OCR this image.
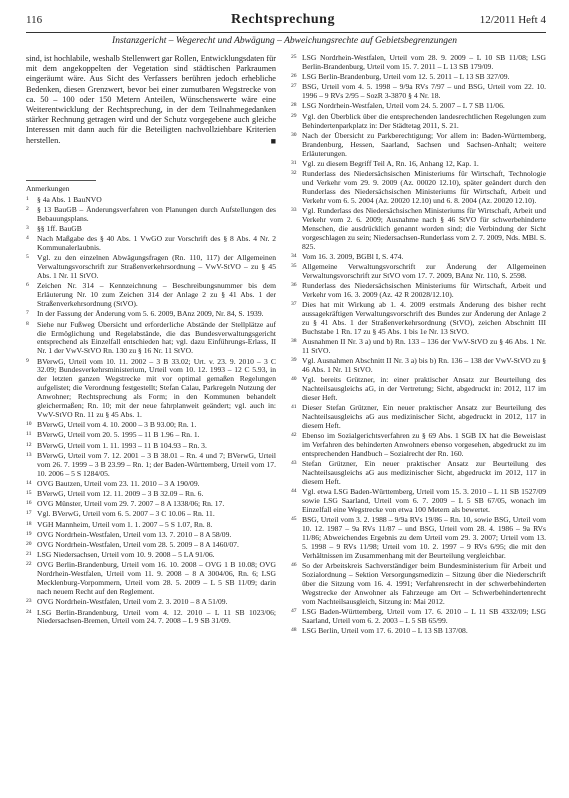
116	Rechtsprechung	12/2011 Heft 4
Instanzgericht – Wegerecht und Abwägung – Abweichungsrechte auf Gebietsbegrenzungen

sind, ist hochlabile, weshalb Stellenwert gar Rollen, Entwicklungsdaten für mit dem angekoppelten der Vegetation sind städtischen Parkraumen eingeräumt wäre. Aus Sicht des Verfassers berühren jedoch erhebliche Bedenken, diesen Grenzwert, bevor bei einer zumutbaren Wegstrecke von ca. 50 – 100 oder 150 Metern Anteilen, Wünschenswerte wäre eine Weiterentwicklung der Rechtsprechung, in der dem Teilnahmegedanken stärker Rechnung getragen wird und der Schutz vorgegebene auch gleiche Interessen mit dann auch für die Beteiligten nachvollziehbare Kriterien herstellen.	■

Anmerkungen
1 § 4a Abs. 1 BauNVO
2 § 13 BauGB – Änderungsverfahren von Planungen durch Aufstellungen des Bebauungsplans.
3 §§ 1ff. BauGB
4 Nach Maßgabe des § 40 Abs. 1 VwGO zur Vorschrift des § 8 Abs. 4 Nr. 2 Kommunalerlaubnis.
5 Vgl. zu den einzelnen Abwägungsfragen (Rn. 110, 117) der Allgemeinen Verwaltungsvorschrift zur Straßenverkehrsordnung – VwV-StVO – zu § 45 Abs. 1 Nr. 11 StVO.
6 Zeichen Nr. 314 – Kennzeichnung – Beschreibungsnummer bis dem Erläuterung Nr. 10 zum Zeichen 314 der Anlage 2 zu § 41 Abs. 1 der Straßenverkehrsordnung (StVO).
7 In der Fassung der Änderung vom 5. 6. 2009, BAnz 2009, Nr. 84, S. 1939.
8 Siehe nur Fußweg Übersicht und erforderliche Abstände der Stellplätze auf die Ermöglichung und Regelabstände, die das Bundesverwaltungsgericht entsprechend als Einzelfall entschieden hat; vgl. dazu Einführungs-Erlass, II Nr. 1 der VwV-StVO Rn. 130 zu § 16 Nr. 11 StVO.
9 BVerwG, Urteil vom 10. 11. 2002 – 3 B 33.02; Urt. v. 23. 9. 2010 – 3 C 32.09; Bundesverkehrsministerium, Urteil vom 10. 12. 1993 – 12 C 5.93, in der letzten ganzen Wegstrecke mit vor optimal gemaßen Regelungen aufgelistet; die Verordnung festgestellt; Stefan Calau, Parkregeln Nutzung der Anwohner; Rechtsprechung als Form; in den Kommunen behandelt gleichermaßen; Rn. 10; mit der neue fahrplanweit geändert; vgl. auch in: VwV-StVO Rn. 11 zu § 45 Abs. 1.
10 BVerwG, Urteil vom 4. 10. 2000 – 3 B 93.00; Rn. 1.
11 BVerwG, Urteil vom 20. 5. 1995 – 11 B 1.96 – Rn. 1.
12 BVerwG, Urteil vom 1. 11. 1993 – 11 B 104.93 – Rn. 3.
13 BVerwG, Urteil vom 7. 12. 2001 – 3 B 38.01 – Rn. 4 und 7; BVerwG, Urteil vom 26. 7. 1999 – 3 B 23.99 – Rn. 1; der Baden-Württemberg, Urteil vom 17. 10. 2006 – 5 S 1284/05.
14 OVG Bautzen, Urteil vom 23. 11. 2010 – 3 A 190/09.
15 BVerwG, Urteil vom 12. 11. 2009 – 3 B 32.09 – Rn. 6.
16 OVG Münster, Urteil vom 29. 7. 2007 – 8 A 1338/06; Rn. 17.
17 Vgl. BVerwG, Urteil vom 6. 5. 2007 – 3 C 10.06 – Rn. 11.
18 VGH Mannheim, Urteil vom 1. 1. 2007 – 5 S 1.07, Rn. 8.
19 OVG Nordrhein-Westfalen, Urteil vom 13. 7. 2010 – 8 A 58/09.
20 OVG Nordrhein-Westfalen, Urteil vom 28. 5. 2009 – 8 A 1460/07.
21 LSG Niedersachsen, Urteil vom 10. 9. 2008 – 5 LA 91/06.
22 OVG Berlin-Brandenburg, Urteil vom 16. 10. 2008 – OVG 1 B 10.08; OVG Nordrhein-Westfalen, Urteil vom 11. 9. 2008 – 8 A 3004/06, Rn. 6; LSG Mecklenburg-Vorpommern, Urteil vom 28. 5. 2009 – L 5 SB 11/09; darin nach neuem Recht auf den Reglement.
23 OVG Nordrhein-Westfalen, Urteil vom 2. 3. 2010 – 8 A 51/09.
24 LSG Berlin-Brandenburg, Urteil vom 4. 12. 2010 – L 11 SB 1023/06; Niedersachsen-Bremen, Urteil vom 24. 7. 2008 – L 9 SB 31/09.
25 LSG Nordrhein-Westfalen, Urteil vom 28. 9. 2009 – L 10 SB 11/08; LSG Berlin-Brandenburg, Urteil vom 15. 7. 2011 – L 13 SB 179/09.
26 LSG Berlin-Brandenburg, Urteil vom 12. 5. 2011 – L 13 SB 327/09.
27 BSG, Urteil vom 4. 5. 1998 – 9/9a RVs 7/97 – und BSG, Urteil vom 22. 10. 1996 – 9 RVs 2/95 – SozR 3-3870 § 4 Nr. 18.
28 LSG Nordrhein-Westfalen, Urteil vom 24. 5. 2007 – L 7 SB 11/06.
29 Vgl. den Überblick über die entsprechenden landesrechtlichen Regelungen zum Behindertenparkplatz in: Der Städtetag 2011, S. 21.
30 Nach der Übersicht zu Parkberechtigung; Vor allem in: Baden-Württemberg, Brandenburg, Hessen, Saarland, Sachsen und Sachsen-Anhalt; weitere Erläuterungen.
31 Vgl. zu diesem Begriff Teil A, Rn. 16, Anhang 12, Kap. 1.
32 Runderlass des Niedersächsischen Ministeriums für Wirtschaft, Technologie und Verkehr vom 29. 9. 2009 (Az. 00020 12.10), später geändert durch den Runderlass des Niedersächsischen Ministeriums für Wirtschaft, Arbeit und Verkehr vom 6. 5. 2004 (Az. 20020 12.10) und 6. 8. 2004 (Az. 20020 12.10).
33 Vgl. Runderlass des Niedersächsischen Ministeriums für Wirtschaft, Arbeit und Verkehr vom 2. 6. 2009; Ausnahme nach § 46 StVO für schwerbehinderte Menschen, die ausdrücklich genannt worden sind; die Verbindung der Sicht vorgeschlagen zu sein; Niedersachsen-Runderlass vom 2. 7. 2009, Nds. MBl. S. 825.
34 Vom 16. 3. 2009, BGBl I, S. 474.
35 Allgemeine Verwaltungsvorschrift zur Änderung der Allgemeinen Verwaltungsvorschrift zur StVO vom 17. 7. 2009, BAnz Nr. 110, S. 2598.
36 Runderlass des Niedersächsischen Ministeriums für Wirtschaft, Arbeit und Verkehr vom 16. 3. 2009 (Az. 42 R 20028/12.10).
37 Dies hat mit Wirkung ab 1. 4. 2009 erstmals Änderung des bisher recht aussagekräftigen Verwaltungsvorschrift des Bundes zur Änderung der Anlage 2 zu § 41 Abs. 1 der Straßenverkehrsordnung (StVO), zeichen Abschnitt III Buchstabe 1 Rn. 17 zu § 45 Abs. 1 bis 1e Nr. 13 StVO.
38 Ausnahmen II Nr. 3 a) und b) Rn. 133 – 136 der VwV-StVO zu § 46 Abs. 1 Nr. 11 StVO.
39 Vgl. Ausnahmen Abschnitt II Nr. 3 a) bis b) Rn. 136 – 138 der VwV-StVO zu § 46 Abs. 1 Nr. 11 StVO.
40 Vgl. bereits Grützner, in: einer praktischer Ansatz zur Beurteilung des Nachteilsausgleichs aG, in der Vertretung; Sicht, abgedruckt in: 2012, 117 im dieser Heft.
41 Dieser Stefan Grützner, Ein neuer praktischer Ansatz zur Beurteilung des Nachteilsausgleichs aG aus medizinischer Sicht, abgedruckt in 2012, 117 in diesem Heft.
42 Ebenso im Sozialgerichtsverfahren zu § 69 Abs. 1 SGB IX hat die Beweislast im Verfahren des behinderten Anwohners ebenso vorgesehen, abgedruckt zu im entsprechenden Handbuch – Sozialrecht der Rn. 160.
43 Stefan Grützner, Ein neuer praktischer Ansatz zur Beurteilung des Nachteilsausgleichs aG aus medizinischer Sicht, abgedruckt im 2012, 117 in diesem Heft.
44 Vgl. etwa LSG Baden-Württemberg, Urteil vom 15. 3. 2010 – L 11 SB 1527/09 sowie LSG Saarland, Urteil vom 6. 7. 2009 – L 5 SB 67/05, wonach im Einzelfall eine Wegstrecke von etwa 100 Metern als bewertet.
45 BSG, Urteil vom 3. 2. 1988 – 9/9a RVs 19/86 – Rn. 10, sowie BSG, Urteil vom 10. 12. 1987 – 9a RVs 11/87 – und BSG, Urteil vom 28. 4. 1986 – 9a RVs 11/86; Abweichendes Ergebnis zu dem Urteil vom 29. 3. 2007; Urteil vom 13. 5. 1998 – 9 RVs 11/98; Urteil vom 10. 2. 1997 – 9 RVs 6/95; die mit den Verhältnissen im Zusammenhang mit der Beurteilung vergleichbar.
46 So der Arbeitskreis Sachverständiger beim Bundesministerium für Arbeit und Sozialordnung – Sektion Versorgungsmedizin – Sitzung über die Niederschrift über die Sitzung vom 16. 4. 1991; Verfahrensrecht in der schwerbehinderten Wegstrecke der Anwohner als Fahrzeuge am Ort – Schwerbehindertenrecht vom Nachteilsausgleich, Sitzung in: Mai 2012.
47 LSG Baden-Württemberg, Urteil vom 17. 6. 2010 – L 11 SB 4332/09; LSG Saarland, Urteil vom 6. 2. 2003 – L 5 SB 65/99.
48 LSG Berlin, Urteil vom 17. 6. 2010 – L 13 SB 137/08.
